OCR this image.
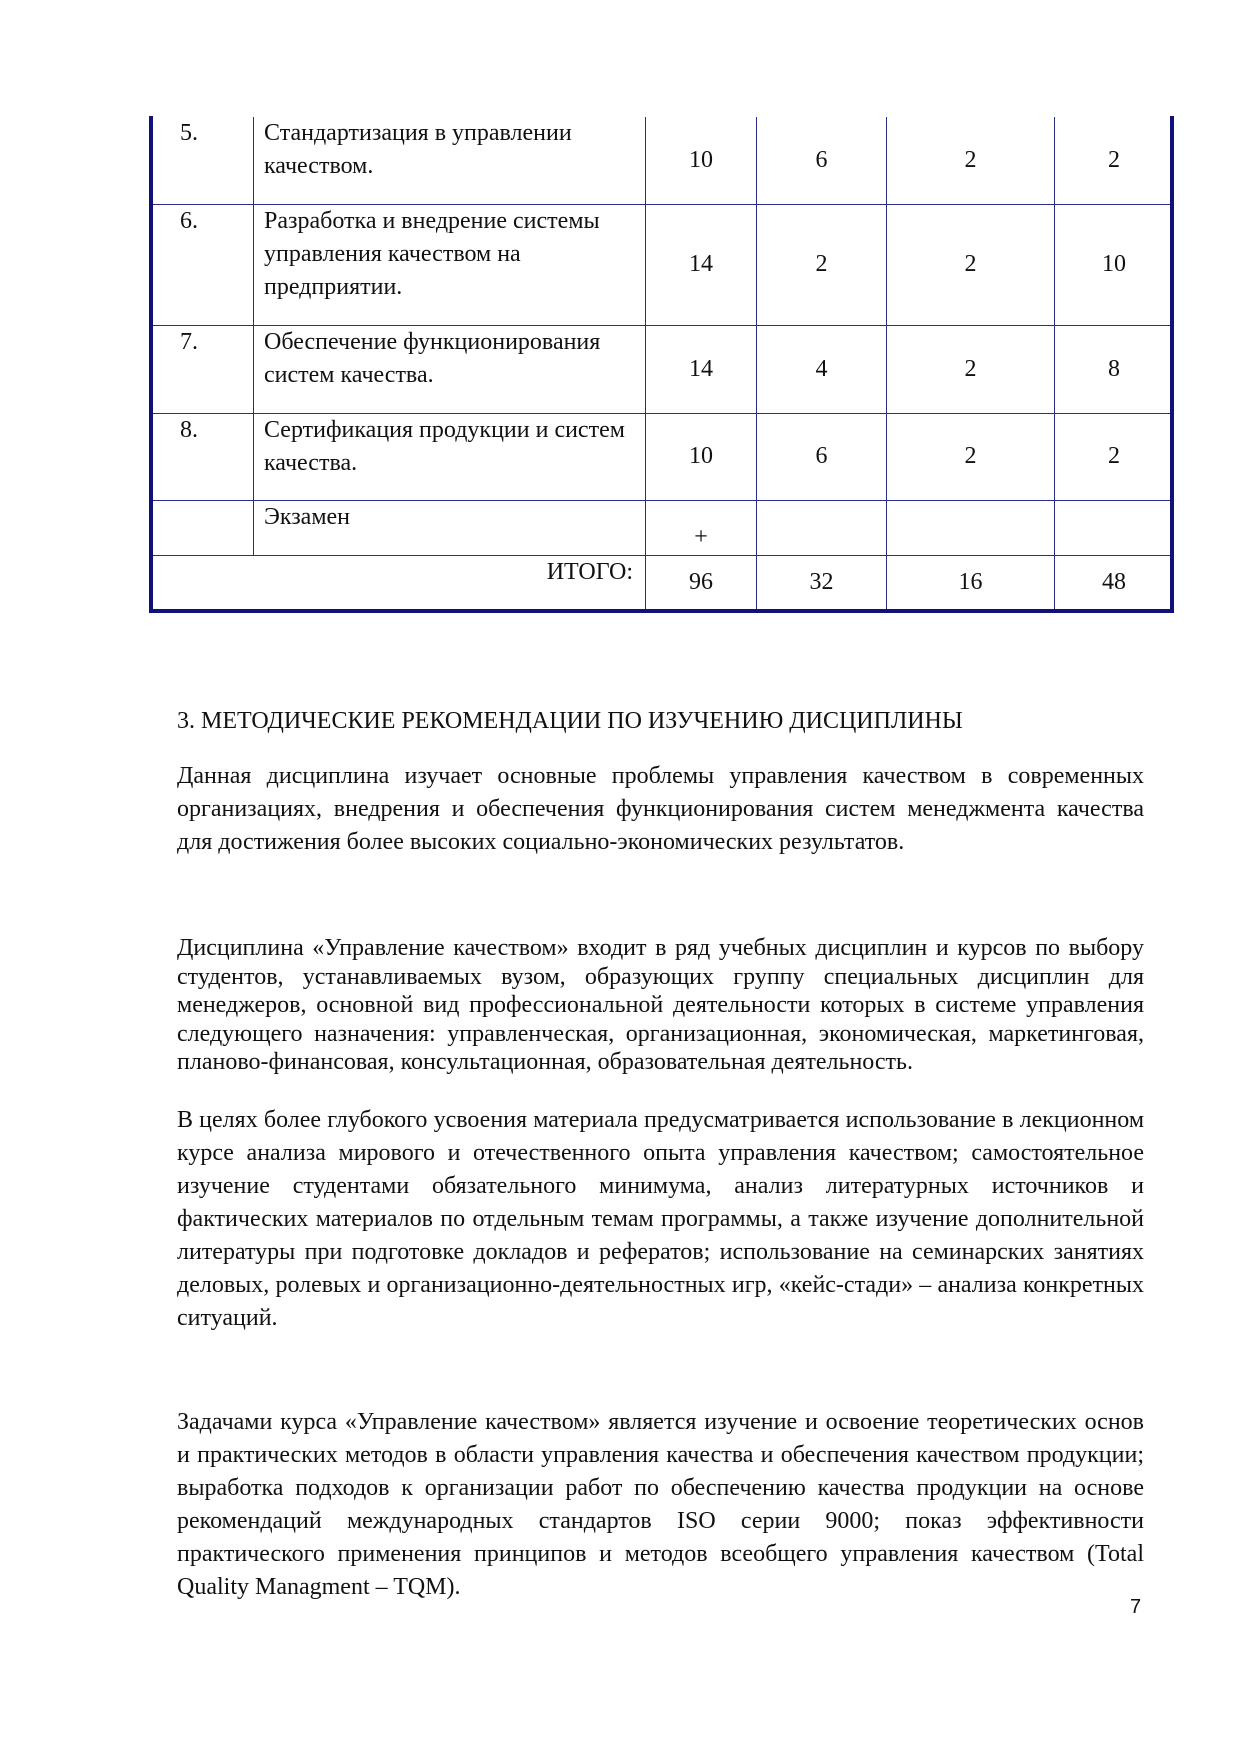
5.	Стандартизация в управлении качеством.	10	6	2	2
6.	Разработка и внедрение системы управления качеством на предприятии.	14	2	2	10
7.	Обеспечение функционирования систем качества.	14	4	2	8
8.	Сертификация продукции и систем качества.	10	6	2	2
	Экзамен	+			
ИТОГО:		96	32	16	48
3. МЕТОДИЧЕСКИЕ РЕКОМЕНДАЦИИ ПО ИЗУЧЕНИЮ ДИСЦИПЛИНЫ

Данная дисциплина изучает основные проблемы управления качеством в современных организациях, внедрения и обеспечения функционирования систем менеджмента качества для достижения более высоких социально-экономических результатов.

Дисциплина «Управление качеством» входит в ряд учебных дисциплин и курсов по выбору студентов, устанавливаемых вузом, образующих группу специальных дисциплин для менеджеров, основной вид профессиональной деятельности которых в системе управления следующего назначения: управленческая, организационная, экономическая, маркетинговая, планово-финансовая, консультационная, образовательная деятельность.

В целях более глубокого усвоения материала предусматривается использование в лекционном курсе анализа мирового и отечественного опыта управления качеством; самостоятельное изучение студентами обязательного минимума, анализ литературных источников и фактических материалов по отдельным темам программы, а также изучение дополнительной литературы при подготовке докладов и рефератов; использование на семинарских занятиях деловых, ролевых и организационно-деятельностных игр, «кейс-стади» – анализа конкретных ситуаций.

Задачами курса «Управление качеством» является изучение и освоение теоретических основ и практических методов в области управления качества и обеспечения качеством продукции; выработка подходов к организации работ по обеспечению качества продукции на основе рекомендаций международных стандартов ISO серии 9000; показ эффективности практического применения принципов и методов всеобщего управления качеством (Total Quality Managment – TQM).

7
